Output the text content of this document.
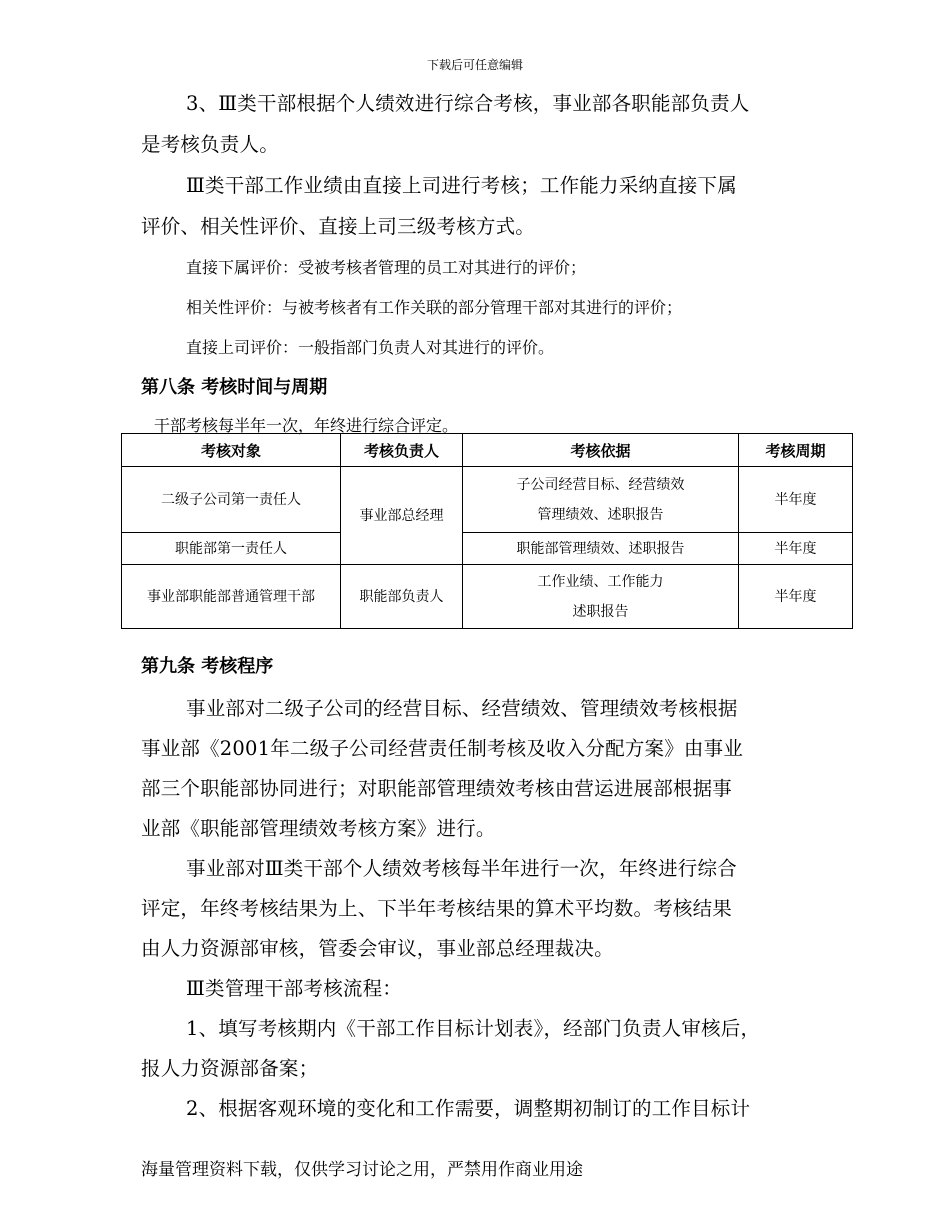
下载后可任意编辑
3、Ⅲ类干部根据个人绩效进行综合考核，事业部各职能部负责人
是考核负责人。
Ⅲ类干部工作业绩由直接上司进行考核；工作能力采纳直接下属
评价、相关性评价、直接上司三级考核方式。
直接下属评价：受被考核者管理的员工对其进行的评价；
相关性评价：与被考核者有工作关联的部分管理干部对其进行的评价；
直接上司评价：一般指部门负责人对其进行的评价。
第八条 考核时间与周期
干部考核每半年一次，年终进行综合评定。
考核对象	考核负责人	考核依据	考核周期
二级子公司第一责任人	事业部总经理	子公司经营目标、经营绩效
管理绩效、述职报告	半年度
职能部第一责任人		职能部管理绩效、述职报告	半年度
事业部职能部普通管理干部	职能部负责人	工作业绩、工作能力
述职报告	半年度
第九条 考核程序
事业部对二级子公司的经营目标、经营绩效、管理绩效考核根据
事业部《2001年二级子公司经营责任制考核及收入分配方案》由事业
部三个职能部协同进行；对职能部管理绩效考核由营运进展部根据事
业部《职能部管理绩效考核方案》进行。
事业部对Ⅲ类干部个人绩效考核每半年进行一次，年终进行综合
评定，年终考核结果为上、下半年考核结果的算术平均数。考核结果
由人力资源部审核，管委会审议，事业部总经理裁决。
Ⅲ类管理干部考核流程：
1、填写考核期内《干部工作目标计划表》，经部门负责人审核后，
报人力资源部备案；
2、根据客观环境的变化和工作需要，调整期初制订的工作目标计
海量管理资料下载，仅供学习讨论之用，严禁用作商业用途
